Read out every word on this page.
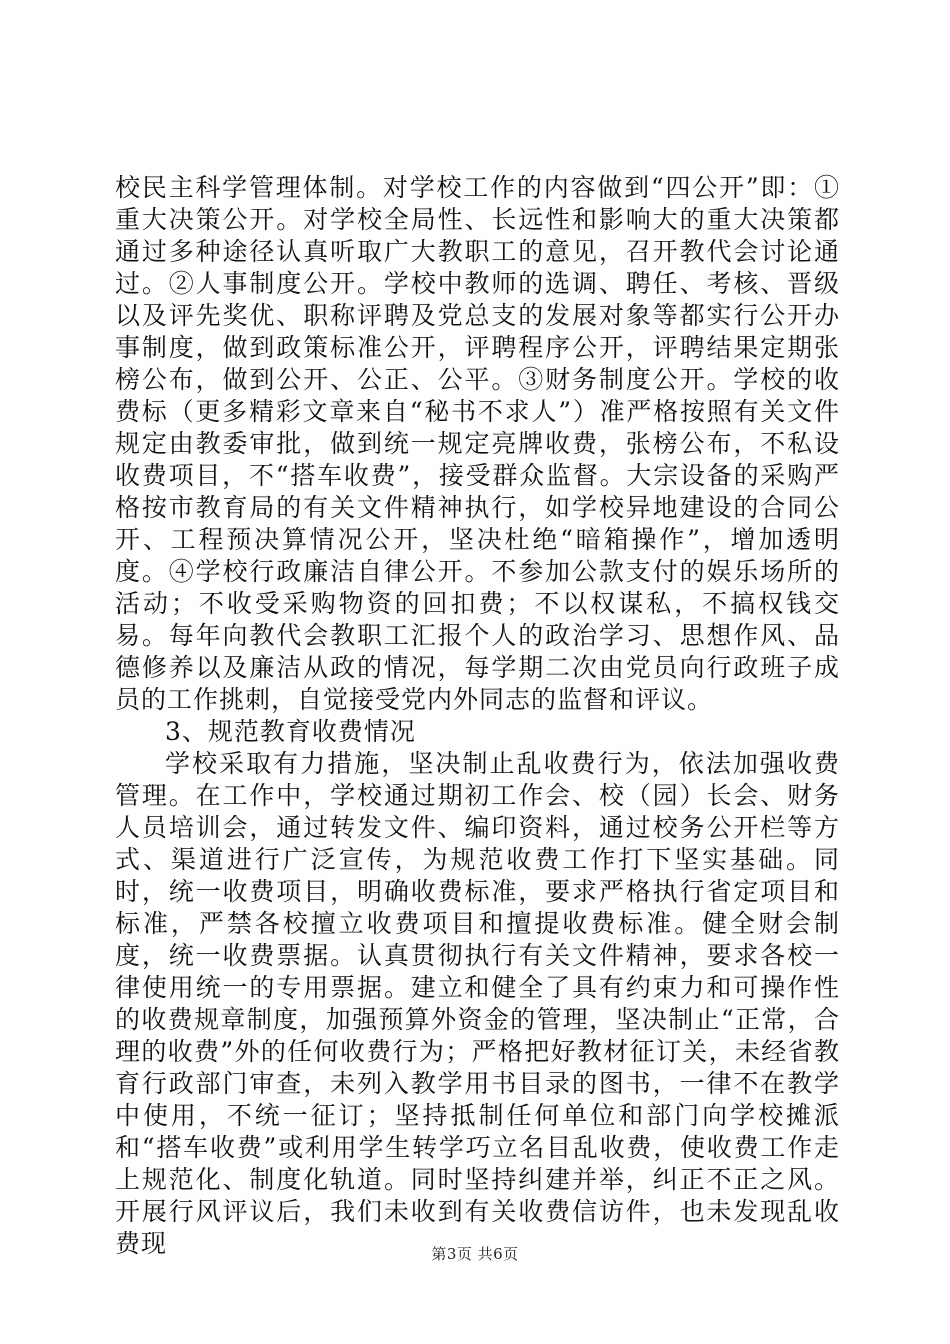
校民主科学管理体制。对学校工作的内容做到“四公开”即：①重大决策公开。对学校全局性、长远性和影响大的重大决策都通过多种途径认真听取广大教职工的意见，召开教代会讨论通过。②人事制度公开。学校中教师的选调、聘任、考核、晋级以及评先奖优、职称评聘及党总支的发展对象等都实行公开办事制度，做到政策标准公开，评聘程序公开，评聘结果定期张榜公布，做到公开、公正、公平。③财务制度公开。学校的收费标（更多精彩文章来自“秘书不求人”）准严格按照有关文件规定由教委审批，做到统一规定亮牌收费，张榜公布，不私设收费项目，不“搭车收费”，接受群众监督。大宗设备的采购严格按市教育局的有关文件精神执行，如学校异地建设的合同公开、工程预决算情况公开，坚决杜绝“暗箱操作”，增加透明度。④学校行政廉洁自律公开。不参加公款支付的娱乐场所的活动；不收受采购物资的回扣费；不以权谋私，不搞权钱交易。每年向教代会教职工汇报个人的政治学习、思想作风、品德修养以及廉洁从政的情况，每学期二次由党员向行政班子成员的工作挑刺，自觉接受党内外同志的监督和评议。

3、规范教育收费情况

学校采取有力措施，坚决制止乱收费行为，依法加强收费管理。在工作中，学校通过期初工作会、校（园）长会、财务人员培训会，通过转发文件、编印资料，通过校务公开栏等方式、渠道进行广泛宣传，为规范收费工作打下坚实基础。同时，统一收费项目，明确收费标准，要求严格执行省定项目和标准，严禁各校擅立收费项目和擅提收费标准。健全财会制度，统一收费票据。认真贯彻执行有关文件精神，要求各校一律使用统一的专用票据。建立和健全了具有约束力和可操作性的收费规章制度，加强预算外资金的管理，坚决制止“正常，合理的收费”外的任何收费行为；严格把好教材征订关，未经省教育行政部门审查，未列入教学用书目录的图书，一律不在教学中使用，不统一征订；坚持抵制任何单位和部门向学校摊派和“搭车收费”或利用学生转学巧立名目乱收费，使收费工作走上规范化、制度化轨道。同时坚持纠建并举，纠正不正之风。开展行风评议后，我们未收到有关收费信访件，也未发现乱收费现	第3页 共6页
